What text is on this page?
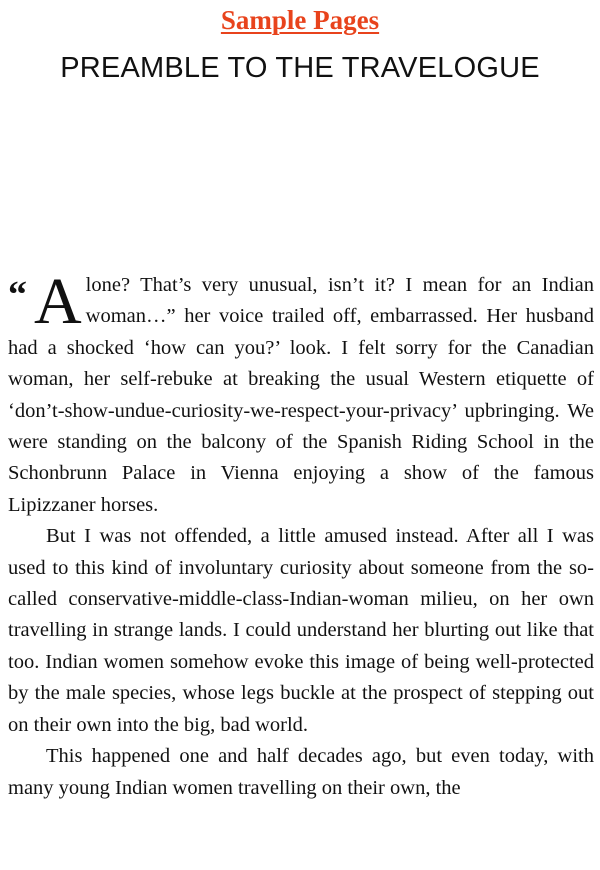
Sample Pages
PREAMBLE TO THE TRAVELOGUE

“ A lone? That’s very unusual, isn’t it? I mean for an Indian woman…” her voice trailed off, embarrassed. Her husband had a shocked ‘how can you?’ look. I felt sorry for the Canadian woman, her self-rebuke at breaking the usual Western etiquette of ‘don’t-show-undue-curiosity-we-respect-your-privacy’ upbringing. We were standing on the balcony of the Spanish Riding School in the Schonbrunn Palace in Vienna enjoying a show of the famous Lipizzaner horses.

But I was not offended, a little amused instead. After all I was used to this kind of involuntary curiosity about someone from the so-called conservative-middle-class-Indian-woman milieu, on her own travelling in strange lands. I could understand her blurting out like that too. Indian women somehow evoke this image of being well-protected by the male species, whose legs buckle at the prospect of stepping out on their own into the big, bad world.

This happened one and half decades ago, but even today, with many young Indian women travelling on their own, the
